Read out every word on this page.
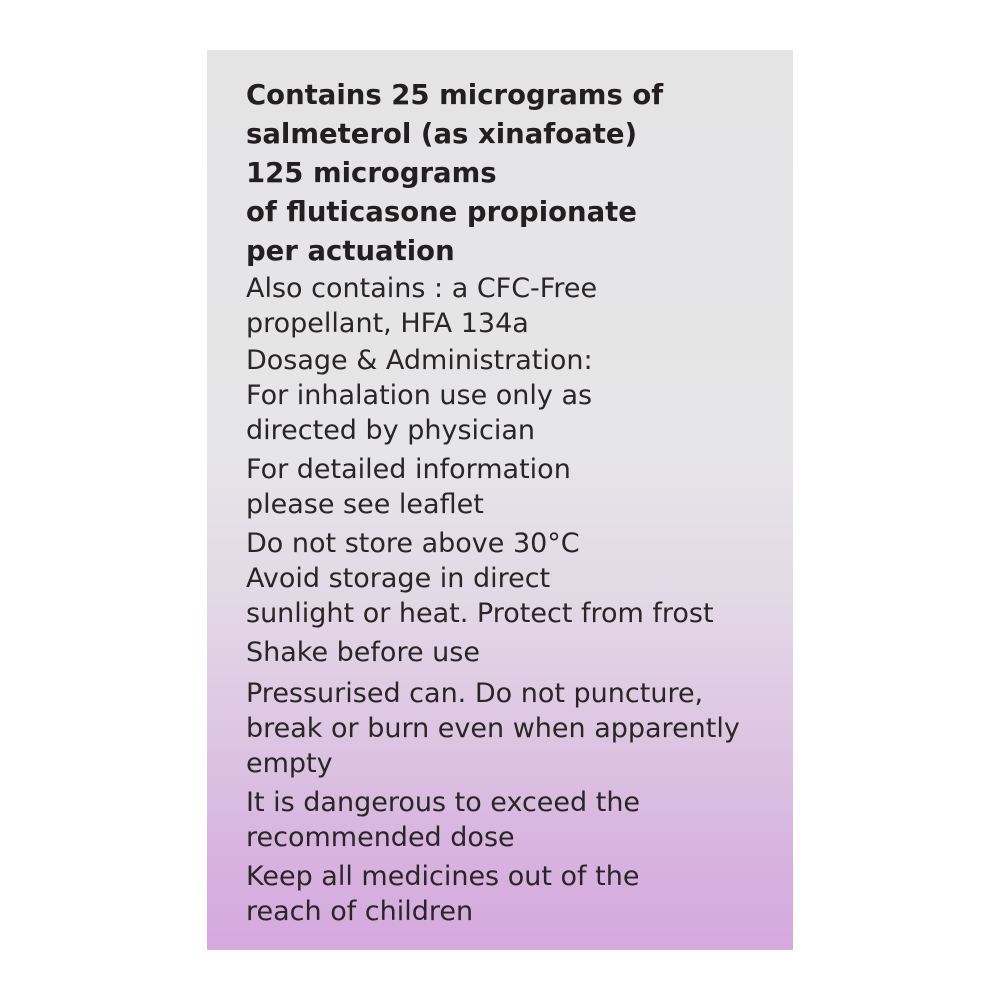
Contains 25 micrograms of
salmeterol (as xinafoate)
125 micrograms
of fluticasone propionate
per actuation
Also contains : a CFC-Free
propellant, HFA 134a
Dosage & Administration:
For inhalation use only as
directed by physician
For detailed information
please see leaflet
Do not store above 30°C
Avoid storage in direct
sunlight or heat. Protect from frost
Shake before use
Pressurised can. Do not puncture,
break or burn even when apparently
empty
It is dangerous to exceed the
recommended dose
Keep all medicines out of the
reach of children
